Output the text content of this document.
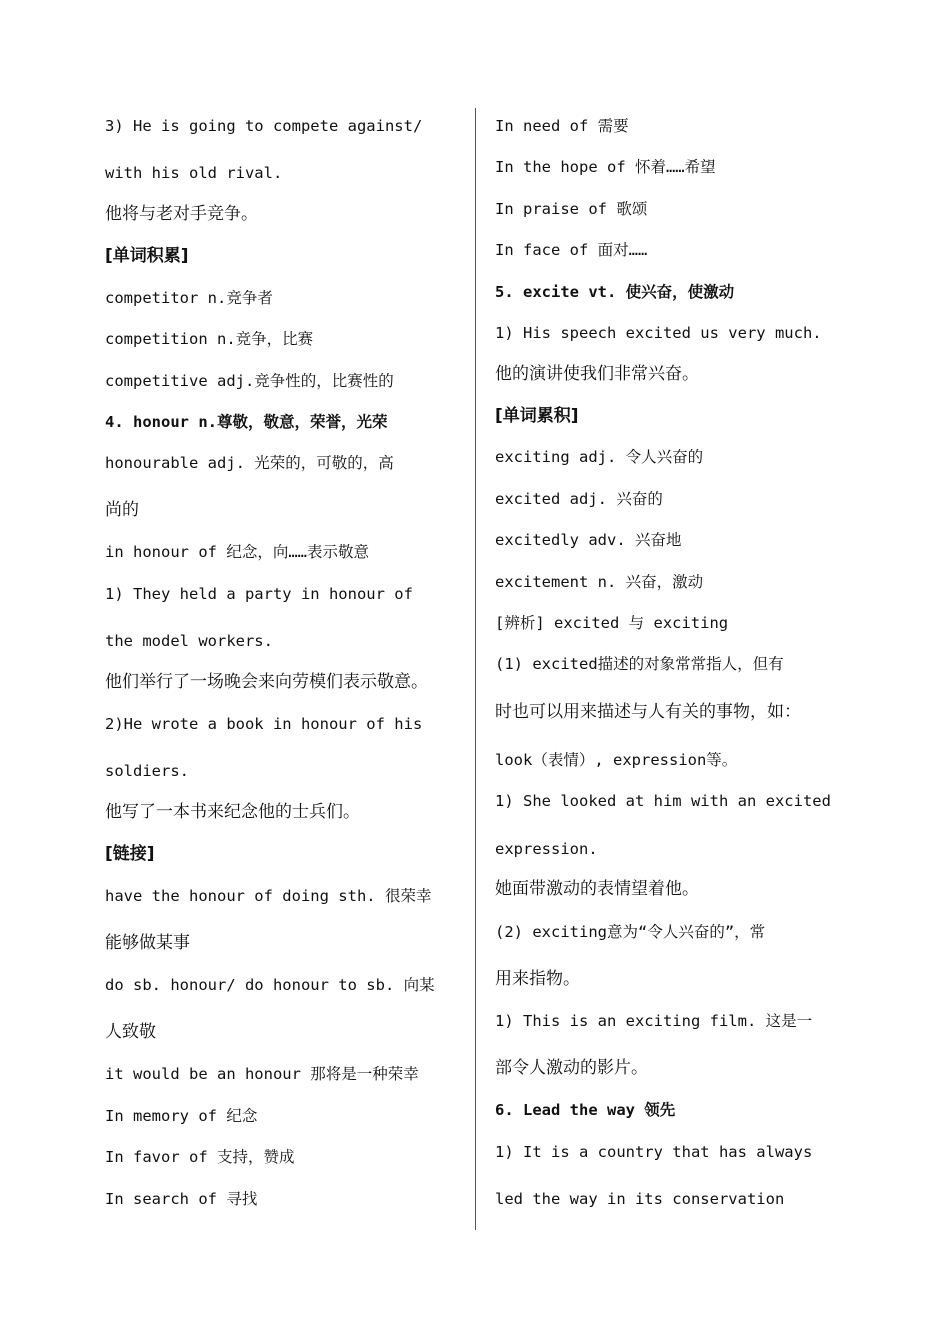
3) He is going to compete against/
with his old rival.
他将与老对手竞争。
[单词积累]
competitor n.竞争者
competition n.竞争，比赛
competitive adj.竞争性的，比赛性的
4. honour n.尊敬，敬意，荣誉，光荣
honourable adj. 光荣的，可敬的，高
尚的
in honour of 纪念，向……表示敬意
1) They held a party in honour of
the model workers.
他们举行了一场晚会来向劳模们表示敬意。
2)He wrote a book in honour of his
soldiers.
他写了一本书来纪念他的士兵们。
[链接]
have the honour of doing sth. 很荣幸
能够做某事
do sb. honour/ do honour to sb. 向某
人致敬
it would be an honour 那将是一种荣幸
In memory of 纪念
In favor of 支持，赞成
In search of 寻找
In need of 需要
In the hope of 怀着……希望
In praise of 歌颂
In face of 面对……
5. excite vt. 使兴奋，使激动
1) His speech excited us very much.
他的演讲使我们非常兴奋。
[单词累积]
exciting adj. 令人兴奋的
excited adj. 兴奋的
excitedly adv. 兴奋地
excitement n. 兴奋，激动
[辨析] excited 与 exciting
(1) excited描述的对象常常指人，但有
时也可以用来描述与人有关的事物，如：
look（表情）, expression等。
1) She looked at him with an excited
expression.
她面带激动的表情望着他。
(2) exciting意为“令人兴奋的”，常
用来指物。
1) This is an exciting film. 这是一
部令人激动的影片。
6. Lead the way 领先
1) It is a country that has always
led the way in its conservation
